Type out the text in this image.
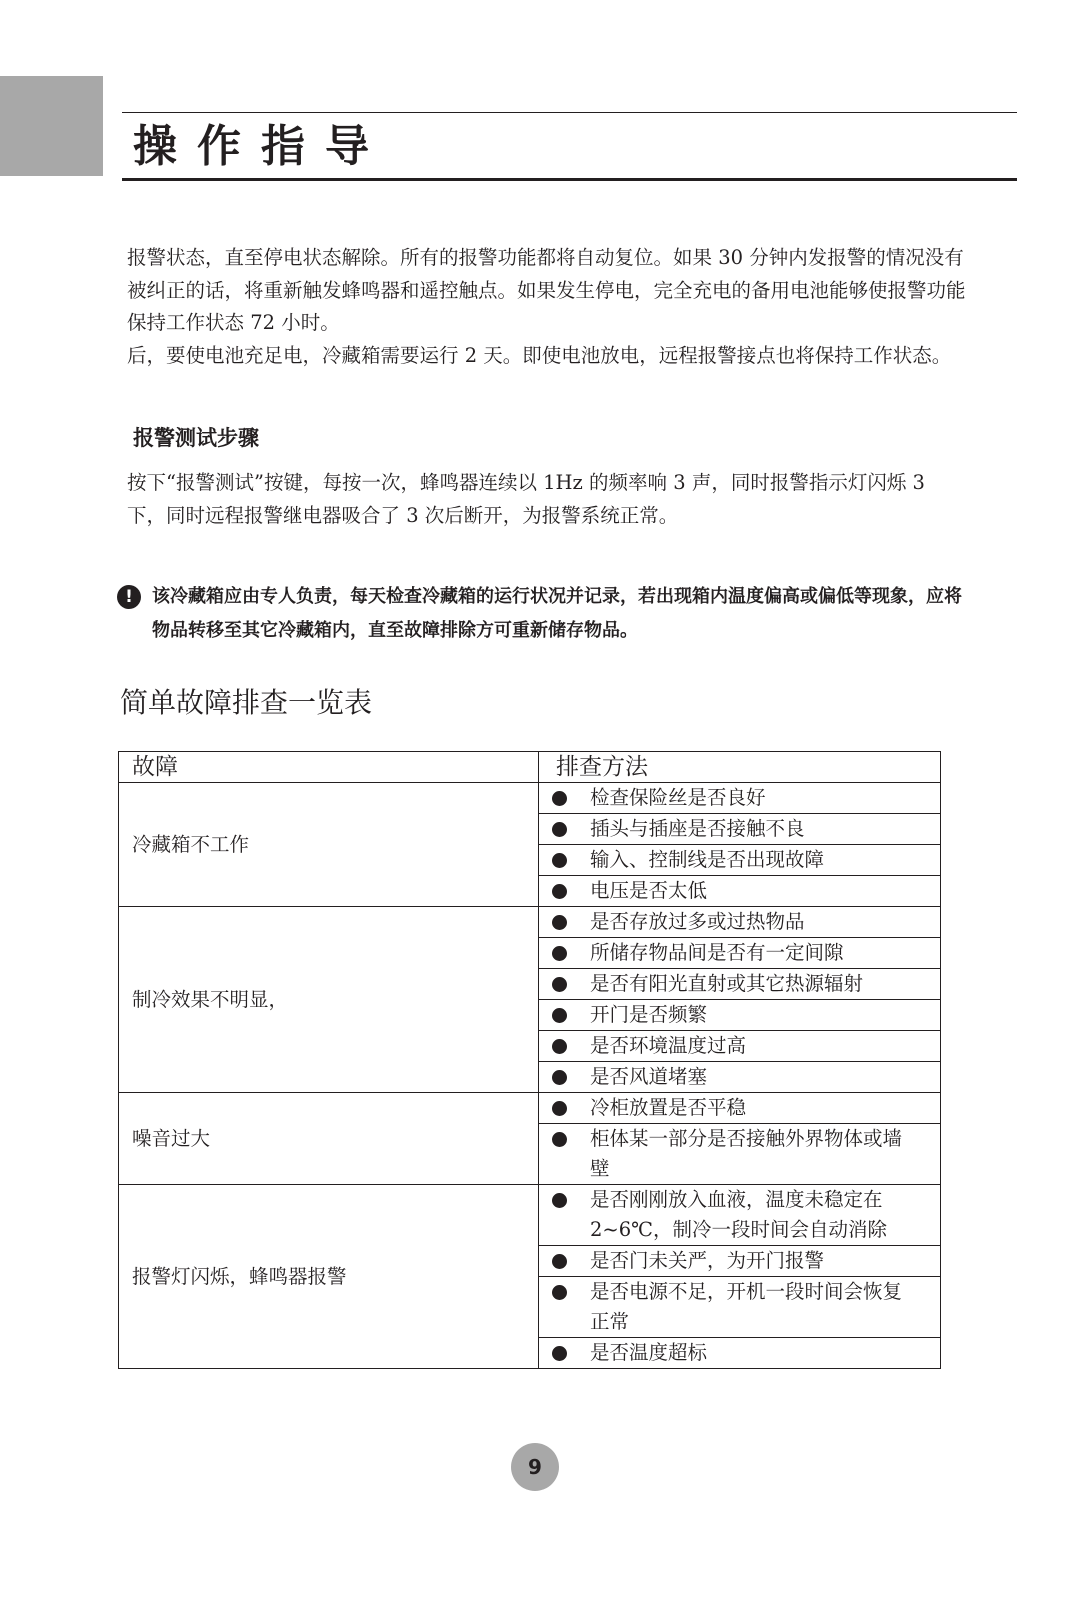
操作指导

报警状态，直至停电状态解除。所有的报警功能都将自动复位。如果 30 分钟内发报警的情况没有被纠正的话，将重新触发蜂鸣器和遥控触点。如果发生停电，完全充电的备用电池能够使报警功能保持工作状态 72 小时。

后，要使电池充足电，冷藏箱需要运行 2 天。即使电池放电，远程报警接点也将保持工作状态。

报警测试步骤

按下“报警测试”按键，每按一次，蜂鸣器连续以 1Hz 的频率响 3 声，同时报警指示灯闪烁 3 下，同时远程报警继电器吸合了 3 次后断开，为报警系统正常。

!	该冷藏箱应由专人负责，每天检查冷藏箱的运行状况并记录，若出现箱内温度偏高或偏低等现象，应将物品转移至其它冷藏箱内，直至故障排除方可重新储存物品。

简单故障排查一览表
故障	排查方法
冷藏箱不工作	检查保险丝是否良好

	插头与插座是否接触不良

	输入、控制线是否出现故障

	电压是否太低

制冷效果不明显，	是否存放过多或过热物品

	所储存物品间是否有一定间隙

	是否有阳光直射或其它热源辐射

	开门是否频繁

	是否环境温度过高

	是否风道堵塞

噪音过大	冷柜放置是否平稳

	柜体某一部分是否接触外界物体或墙壁

报警灯闪烁，蜂鸣器报警	是否刚刚放入血液，温度未稳定在 2~6℃，制冷一段时间会自动消除

	是否门未关严，为开门报警

	是否电源不足，开机一段时间会恢复正常

	是否温度超标
9
